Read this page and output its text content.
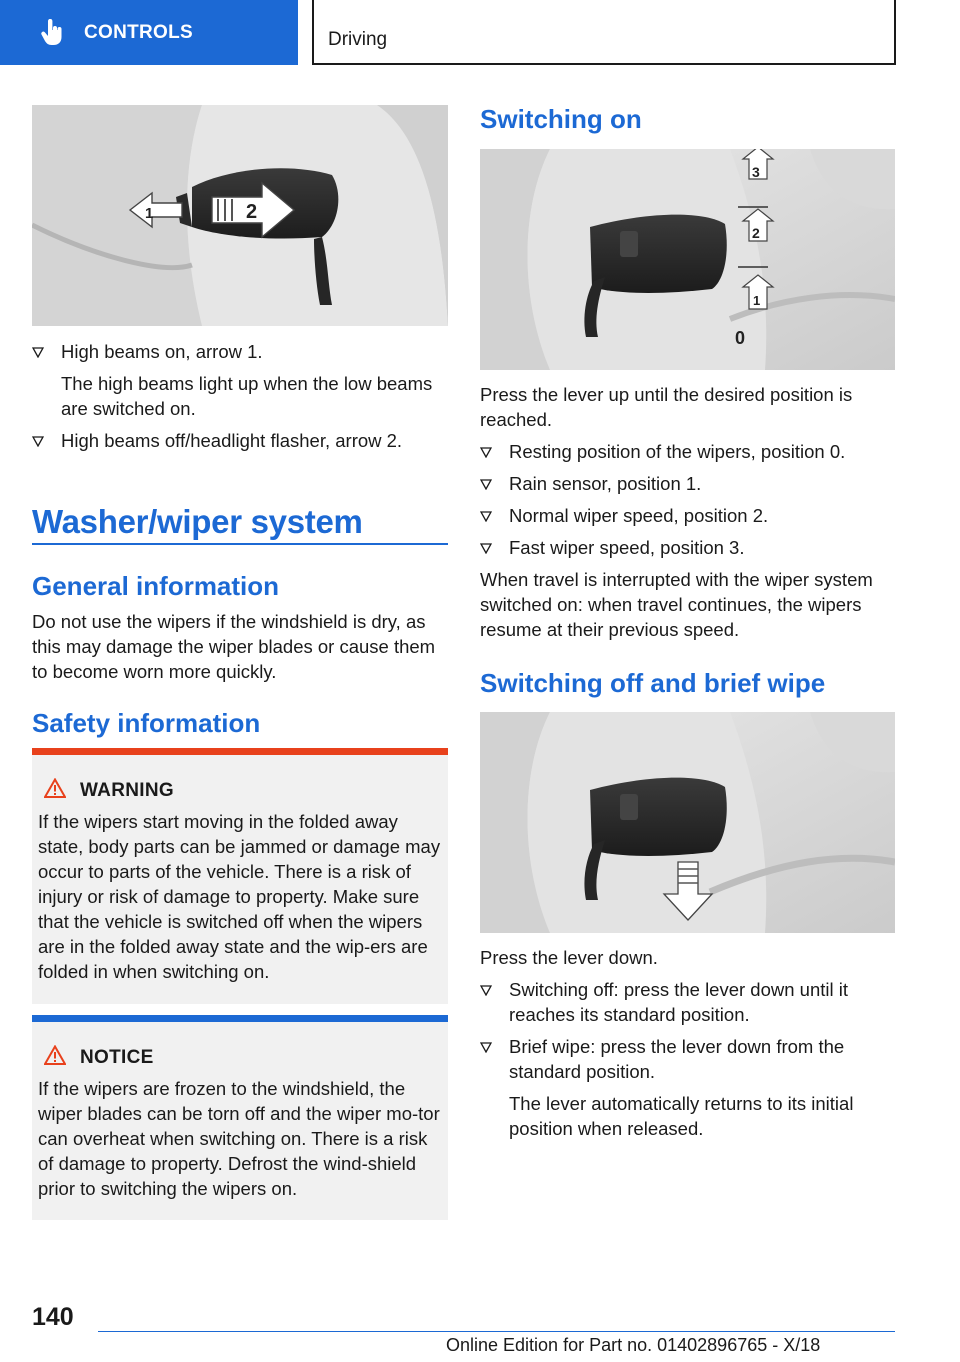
CONTROLS	Driving
1	2
High beams on, arrow 1.
The high beams light up when the low beams are switched on.
High beams off/headlight flasher, arrow 2.
Washer/wiper system
General information
Do not use the wipers if the windshield is dry, as this may damage the wiper blades or cause them to become worn more quickly.
Safety information
WARNING
If the wipers start moving in the folded away state, body parts can be jammed or damage may occur to parts of the vehicle. There is a risk of injury or risk of damage to property. Make sure that the vehicle is switched off when the wipers are in the folded away state and the wip‑ers are folded in when switching on.
NOTICE
If the wipers are frozen to the windshield, the wiper blades can be torn off and the wiper mo‑tor can overheat when switching on. There is a risk of damage to property. Defrost the wind‑shield prior to switching the wipers on.
Switching on
3
2
1
0
Press the lever up until the desired position is reached.
Resting position of the wipers, position 0.
Rain sensor, position 1.
Normal wiper speed, position 2.
Fast wiper speed, position 3.
When travel is interrupted with the wiper system switched on: when travel continues, the wipers resume at their previous speed.
Switching off and brief wipe
Press the lever down.
Switching off: press the lever down until it reaches its standard position.
Brief wipe: press the lever down from the standard position.
The lever automatically returns to its initial position when released.
140
Online Edition for Part no. 01402896765 - X/18
